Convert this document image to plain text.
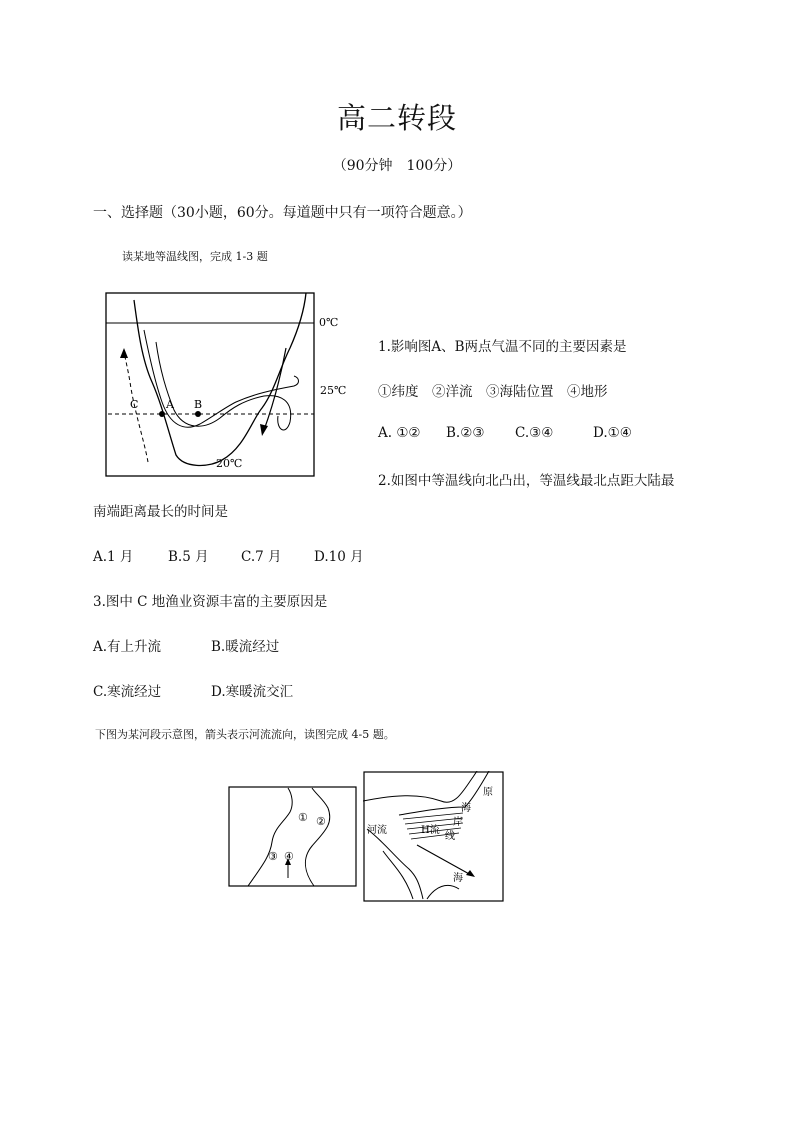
高二转段
（90分钟　100分）
一、选择题（30小题，60分。每道题中只有一项符合题意。）
读某地等温线图，完成 1-3 题
0℃
25℃
20℃
A B
C
1.影响图A、B两点气温不同的主要因素是
①纬度　②洋流　③海陆位置　④地形
A. ①② B.②③ C.③④	D.①④
2.如图中等温线向北凸出，等温线最北点距大陆最
南端距离最长的时间是
A.1 月	B.5 月 C.7 月 D.10 月
3.图中 C 地渔业资源丰富的主要原因是
A.有上升流	B.暖流经过
C.寒流经过	D.寒暖流交汇
下图为某河段示意图，箭头表示河流流向，读图完成 4-5 题。
① ②
③ ④
原
海
岸
线
H流
河流
海
